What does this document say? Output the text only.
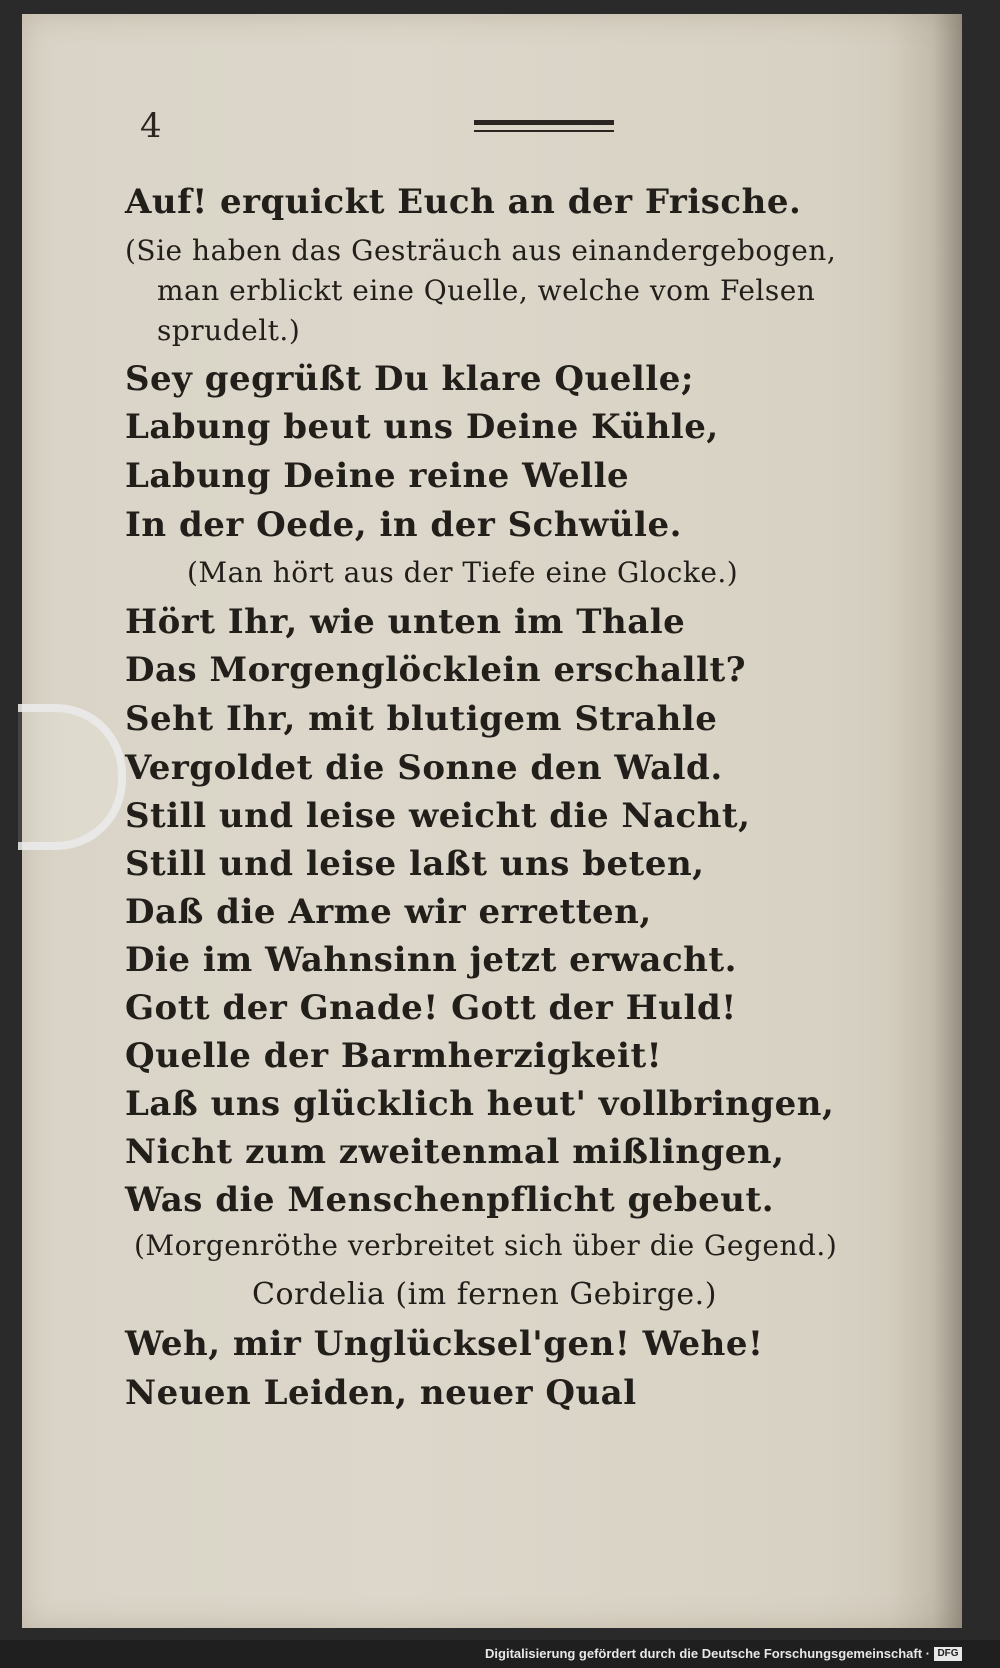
4
Auf! erquickt Euch an der Frische.
(Sie haben das Gesträuch aus einandergebogen,
man erblickt eine Quelle, welche vom Felsen
sprudelt.)
Sey gegrüßt Du klare Quelle;
Labung beut uns Deine Kühle,
Labung Deine reine Welle
In der Oede, in der Schwüle.
(Man hört aus der Tiefe eine Glocke.)
Hört Ihr, wie unten im Thale
Das Morgenglöcklein erschallt?
Seht Ihr, mit blutigem Strahle
Vergoldet die Sonne den Wald.
Still und leise weicht die Nacht,
Still und leise laßt uns beten,
Daß die Arme wir erretten,
Die im Wahnsinn jetzt erwacht.
Gott der Gnade! Gott der Huld!
Quelle der Barmherzigkeit!
Laß uns glücklich heut' vollbringen,
Nicht zum zweitenmal mißlingen,
Was die Menschenpflicht gebeut.
(Morgenröthe verbreitet sich über die Gegend.)
Cordelia (im fernen Gebirge.)
Weh, mir Unglücksel'gen! Wehe!
Neuen Leiden, neuer Qual
Digitalisierung gefördert durch die Deutsche Forschungsgemeinschaft · DFG
